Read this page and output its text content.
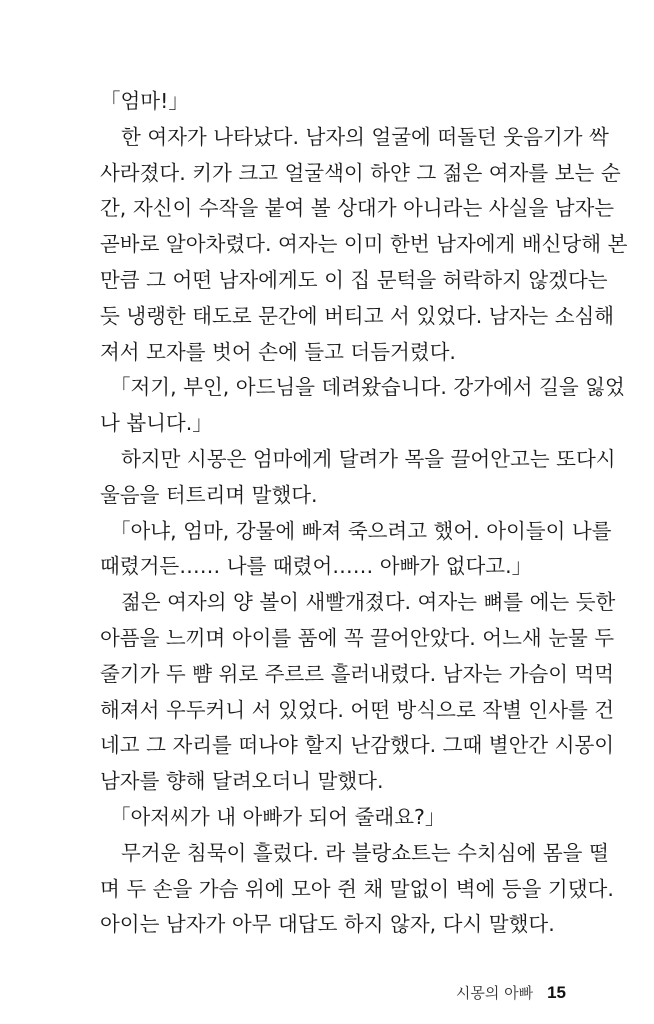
「엄마!」
한 여자가 나타났다. 남자의 얼굴에 떠돌던 웃음기가 싹
사라졌다. 키가 크고 얼굴색이 하얀 그 젊은 여자를 보는 순
간, 자신이 수작을 붙여 볼 상대가 아니라는 사실을 남자는
곧바로 알아차렸다. 여자는 이미 한번 남자에게 배신당해 본
만큼 그 어떤 남자에게도 이 집 문턱을 허락하지 않겠다는
듯 냉랭한 태도로 문간에 버티고 서 있었다. 남자는 소심해
져서 모자를 벗어 손에 들고 더듬거렸다.
「저기, 부인, 아드님을 데려왔습니다. 강가에서 길을 잃었
나 봅니다.」
하지만 시몽은 엄마에게 달려가 목을 끌어안고는 또다시
울음을 터트리며 말했다.
「아냐, 엄마, 강물에 빠져 죽으려고 했어. 아이들이 나를
때렸거든…… 나를 때렸어…… 아빠가 없다고.」
젊은 여자의 양 볼이 새빨개졌다. 여자는 뼈를 에는 듯한
아픔을 느끼며 아이를 품에 꼭 끌어안았다. 어느새 눈물 두
줄기가 두 뺨 위로 주르르 흘러내렸다. 남자는 가슴이 먹먹
해져서 우두커니 서 있었다. 어떤 방식으로 작별 인사를 건
네고 그 자리를 떠나야 할지 난감했다. 그때 별안간 시몽이
남자를 향해 달려오더니 말했다.
「아저씨가 내 아빠가 되어 줄래요?」
무거운 침묵이 흘렀다. 라 블랑쇼트는 수치심에 몸을 떨
며 두 손을 가슴 위에 모아 쥔 채 말없이 벽에 등을 기댔다.
아이는 남자가 아무 대답도 하지 않자, 다시 말했다.
시몽의 아빠 15
